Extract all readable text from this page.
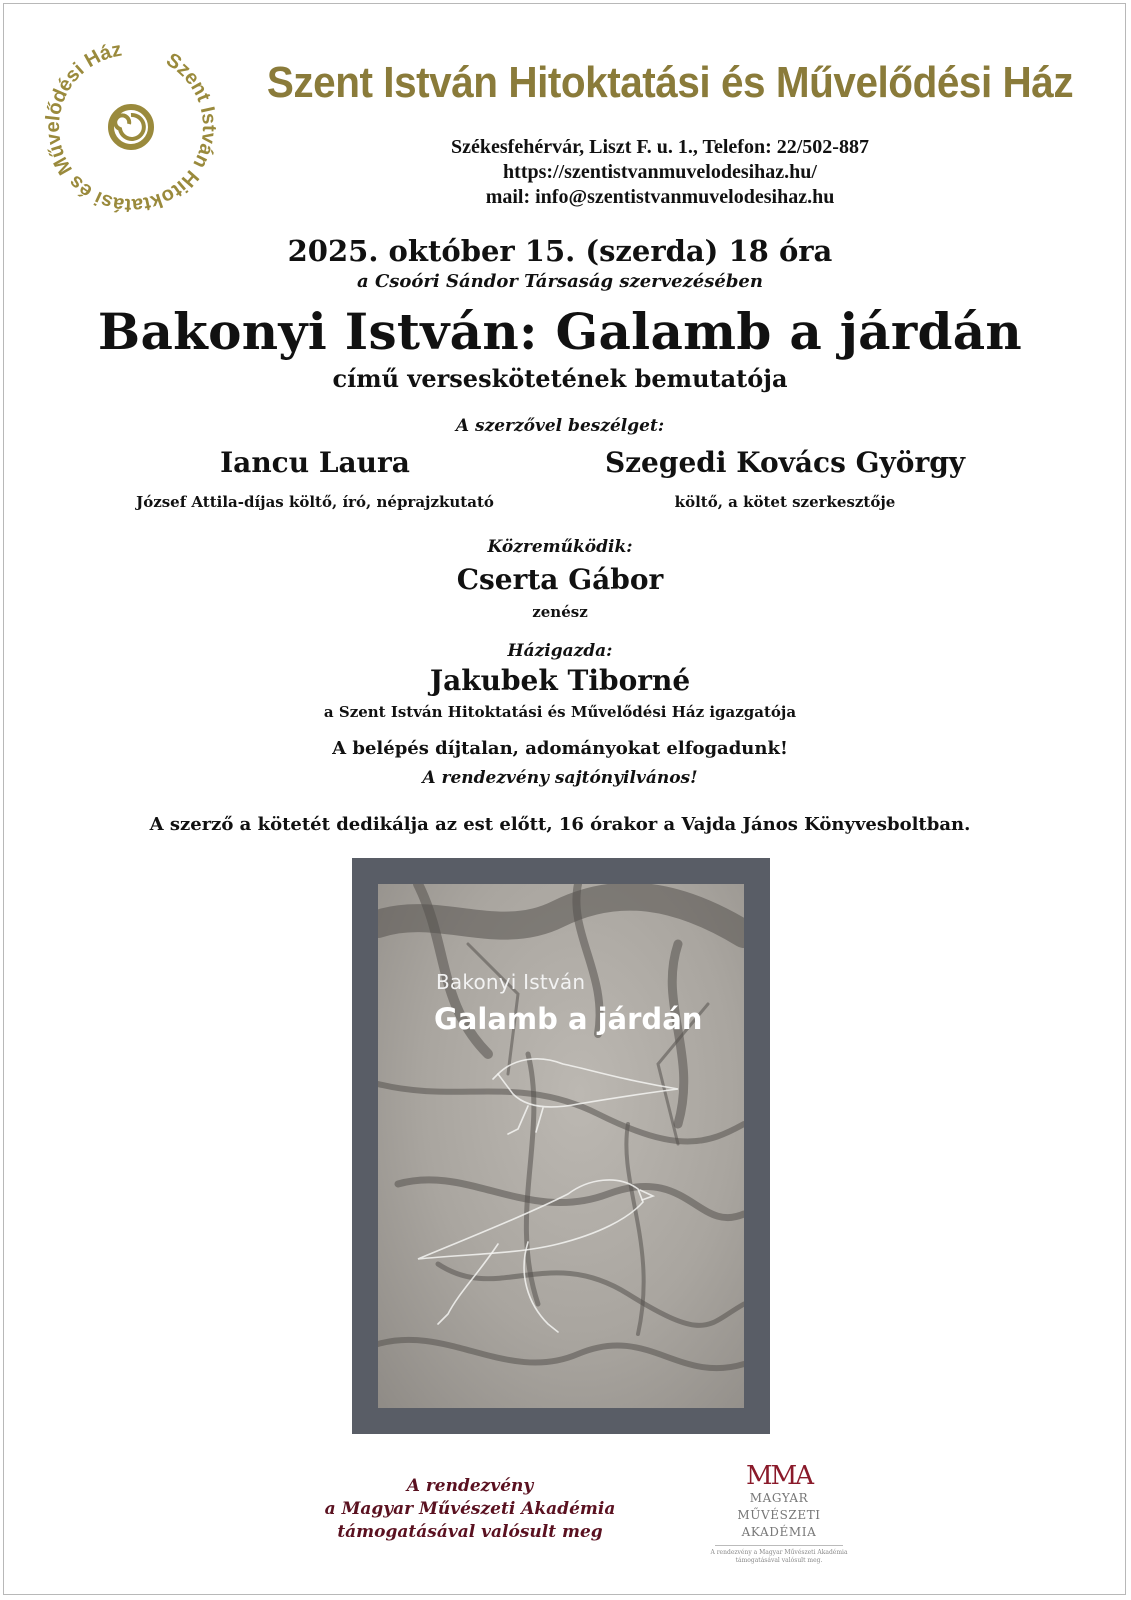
Szent István Hitoktatási és Művelődési Ház
Szent István Hitoktatási és Művelődési Ház
Székesfehérvár, Liszt F. u. 1., Telefon: 22/502-887
https://szentistvanmuvelodesihaz.hu/
mail: info@szentistvanmuvelodesihaz.hu
2025. október 15. (szerda) 18 óra
a Csoóri Sándor Társaság szervezésében
Bakonyi István: Galamb a járdán
című verseskötetének bemutatója
A szerzővel beszélget:
Iancu Laura
József Attila-díjas költő, író, néprajzkutató
Szegedi Kovács György
költő, a kötet szerkesztője
Közreműködik:
Cserta Gábor
zenész
Házigazda:
Jakubek Tiborné
a Szent István Hitoktatási és Művelődési Ház igazgatója
A belépés díjtalan, adományokat elfogadunk!
A rendezvény sajtónyilvános!
A szerző a kötetét dedikálja az est előtt, 16 órakor a Vajda János Könyvesboltban.
Bakonyi István
Galamb a járdán
A rendezvény
a Magyar Művészeti Akadémia
támogatásával valósult meg
MMA
MAGYAR MŰVÉSZETI
AKADÉMIA
A rendezvény a Magyar Művészeti Akadémia
támogatásával valósult meg.
